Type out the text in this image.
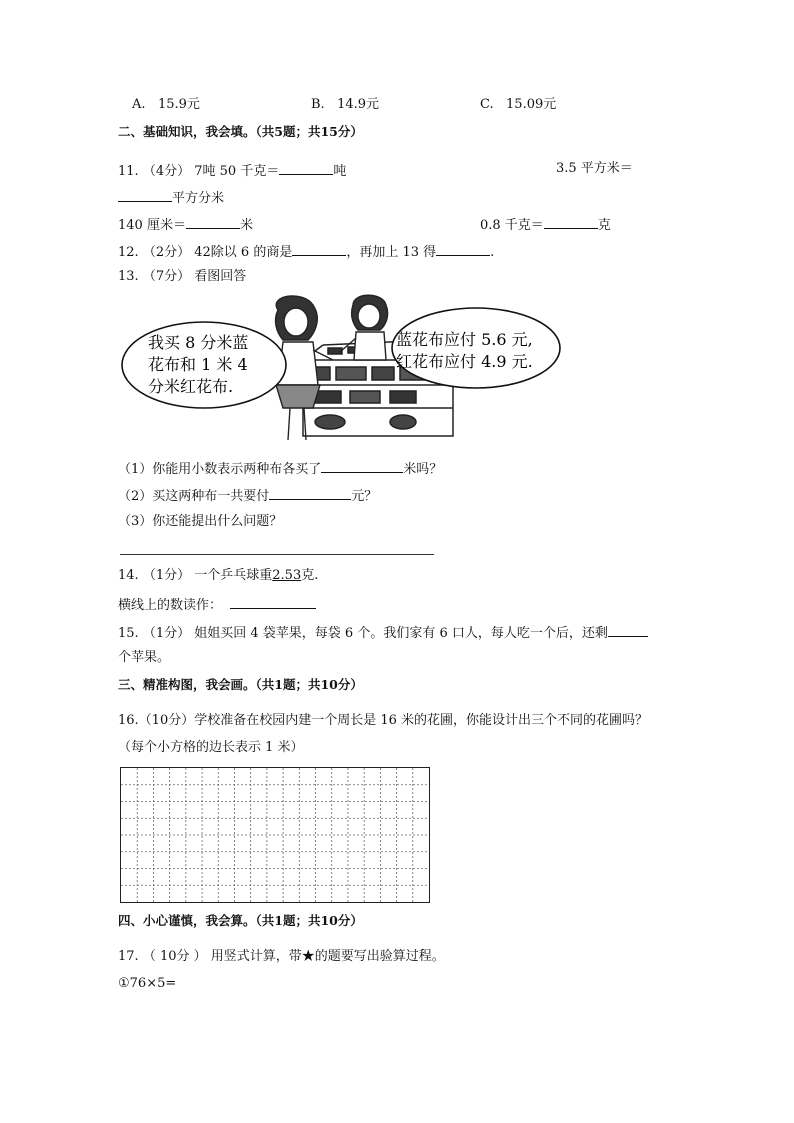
A. 15.9元	B. 14.9元	C. 15.09元
二、基础知识，我会填。（共5题；共15分）
11. （4分） 7吨 50 千克＝	吨	3.5 平方米＝
平方分米
140 厘米＝	米	0.8 千克＝	克
12. （2分） 42除以 6 的商是	，再加上 13 得	.
13. （7分） 看图回答
我买 8 分米蓝
花布和 1 米 4
分米红花布.
蓝花布应付 5.6 元,
红花布应付 4.9 元.
（1）你能用小数表示两种布各买了	米吗？
（2）买这两种布一共要付	元？
（3）你还能提出什么问题？
14. （1分） 一个乒乓球重2.53克.
横线上的数读作：
15. （1分） 姐姐买回 4 袋苹果，每袋 6 个。我们家有 6 口人，每人吃一个后，还剩
个苹果。
三、精准构图，我会画。（共1题；共10分）
16.（10分）学校准备在校园内建一个周长是 16 米的花圃，你能设计出三个不同的花圃吗？
（每个小方格的边长表示 1 米）
四、小心谨慎，我会算。（共1题；共10分）
17. （ 10分 ） 用竖式计算，带★的题要写出验算过程。
①76×5=
